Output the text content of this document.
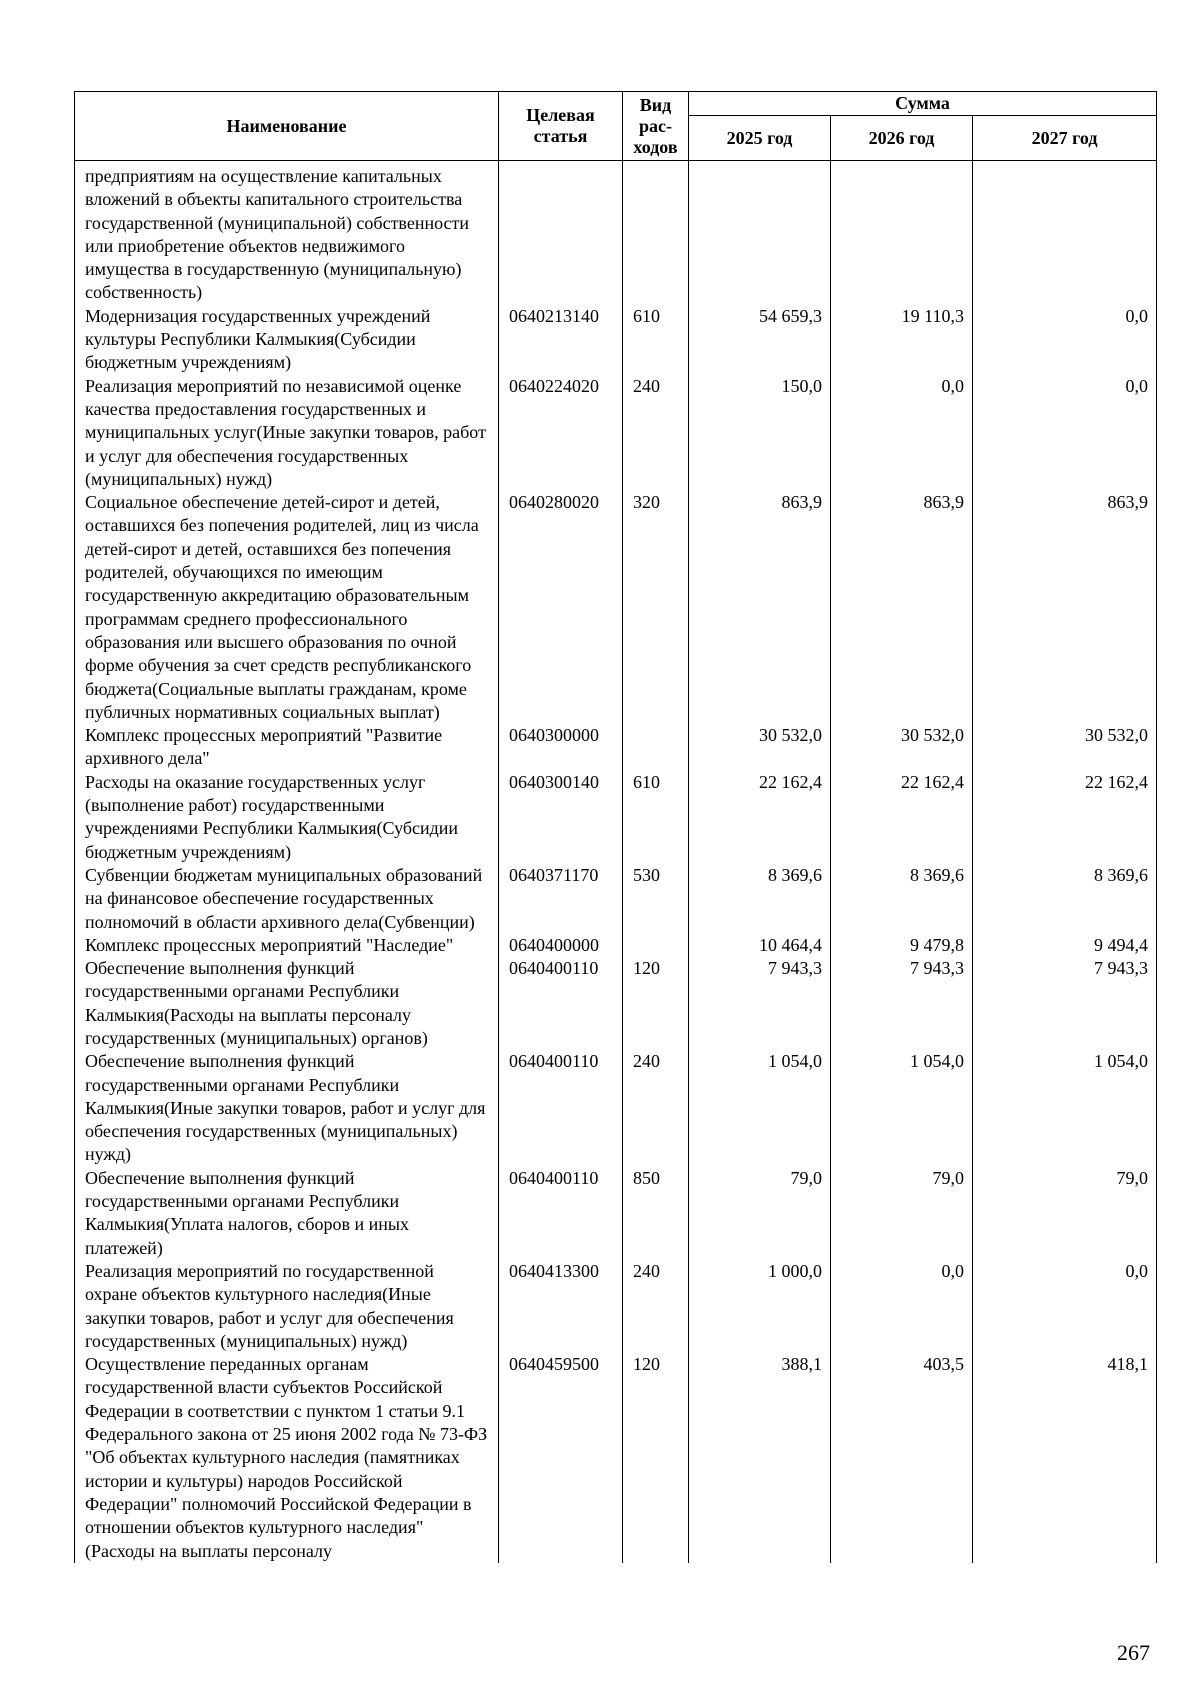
Наименование	Целевая статья	Вид рас-ходов	Сумма		
			2025 год	2026 год	2027 год
предприятиям на осуществление капитальных вложений в объекты капитального строительства государственной (муниципальной) собственности или приобретение объектов недвижимого имущества в государственную (муниципальную) собственность)					
Модернизация государственных учреждений культуры Республики Калмыкия(Субсидии бюджетным учреждениям)	0640213140	610	54 659,3	19 110,3	0,0
Реализация мероприятий по независимой оценке качества предоставления государственных и муниципальных услуг(Иные закупки товаров, работ и услуг для обеспечения государственных (муниципальных) нужд)	0640224020	240	150,0	0,0	0,0
Социальное обеспечение детей-сирот и детей, оставшихся без попечения родителей, лиц из числа детей-сирот и детей, оставшихся без попечения родителей, обучающихся по имеющим государственную аккредитацию образовательным программам среднего профессионального образования или высшего образования по очной форме обучения за счет средств республиканского бюджета(Социальные выплаты гражданам, кроме публичных нормативных социальных выплат)	0640280020	320	863,9	863,9	863,9
Комплекс процессных мероприятий "Развитие архивного дела"	0640300000		30 532,0	30 532,0	30 532,0
Расходы на оказание государственных услуг (выполнение работ) государственными учреждениями Республики Калмыкия(Субсидии бюджетным учреждениям)	0640300140	610	22 162,4	22 162,4	22 162,4
Субвенции бюджетам муниципальных образований на финансовое обеспечение государственных полномочий в области архивного дела(Субвенции)	0640371170	530	8 369,6	8 369,6	8 369,6
Комплекс процессных мероприятий "Наследие"	0640400000		10 464,4	9 479,8	9 494,4
Обеспечение выполнения функций государственными органами Республики Калмыкия(Расходы на выплаты персоналу государственных (муниципальных) органов)	0640400110	120	7 943,3	7 943,3	7 943,3
Обеспечение выполнения функций государственными органами Республики Калмыкия(Иные закупки товаров, работ и услуг для обеспечения государственных (муниципальных) нужд)	0640400110	240	1 054,0	1 054,0	1 054,0
Обеспечение выполнения функций государственными органами Республики Калмыкия(Уплата налогов, сборов и иных платежей)	0640400110	850	79,0	79,0	79,0
Реализация мероприятий по государственной охране объектов культурного наследия(Иные закупки товаров, работ и услуг для обеспечения государственных (муниципальных) нужд)	0640413300	240	1 000,0	0,0	0,0
Осуществление переданных органам государственной власти субъектов Российской Федерации в соответствии с пунктом 1 статьи 9.1 Федерального закона от 25 июня 2002 года № 73-ФЗ "Об объектах культурного наследия (памятниках истории и культуры) народов Российской Федерации" полномочий Российской Федерации в отношении объектов культурного наследия"(Расходы на выплаты персоналу	0640459500	120	388,1	403,5	418,1
267
